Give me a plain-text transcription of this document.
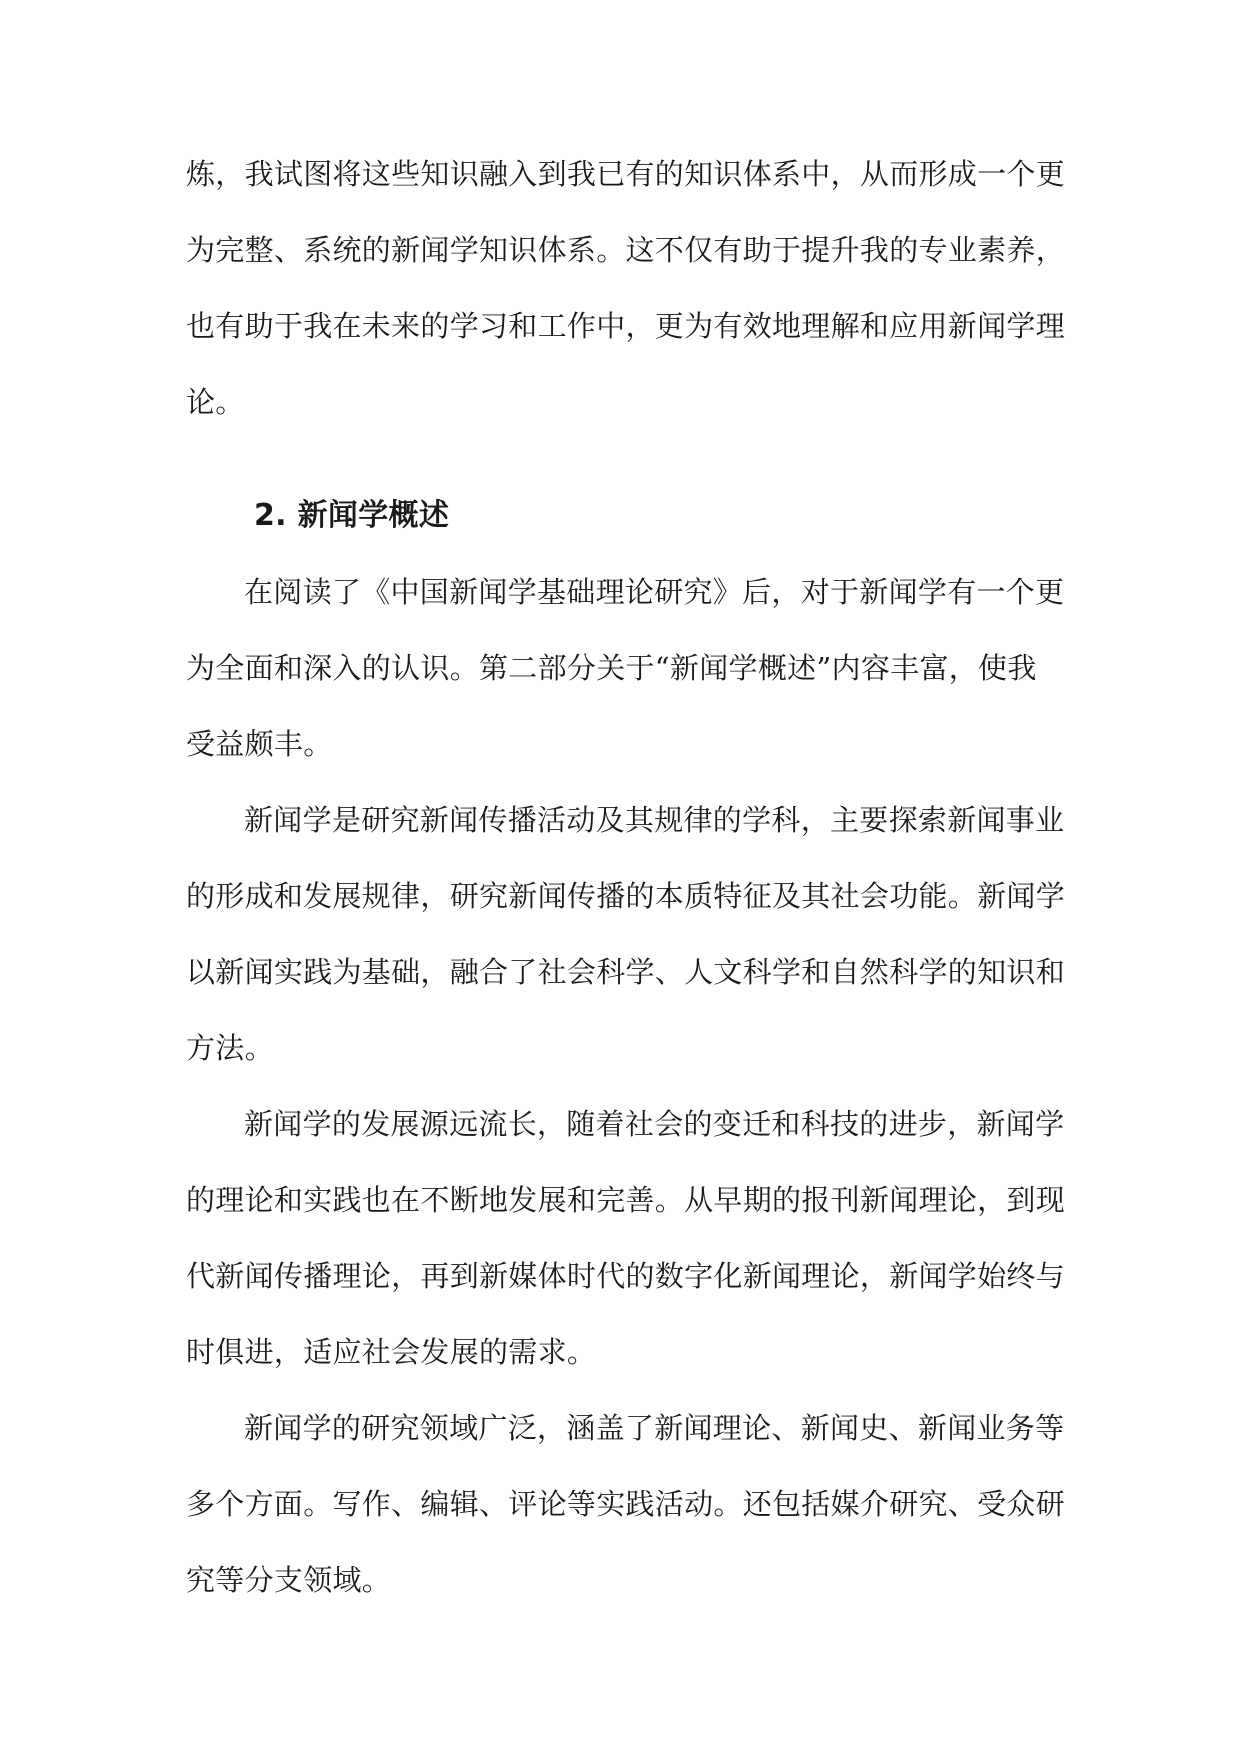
炼，我试图将这些知识融入到我已有的知识体系中，从而形成一个更
为完整、系统的新闻学知识体系。这不仅有助于提升我的专业素养，
也有助于我在未来的学习和工作中，更为有效地理解和应用新闻学理
论。
2. 新闻学概述
在阅读了《中国新闻学基础理论研究》后，对于新闻学有一个更
为全面和深入的认识。第二部分关于“新闻学概述”内容丰富，使我
受益颇丰。
新闻学是研究新闻传播活动及其规律的学科，主要探索新闻事业
的形成和发展规律，研究新闻传播的本质特征及其社会功能。新闻学
以新闻实践为基础，融合了社会科学、人文科学和自然科学的知识和
方法。
新闻学的发展源远流长，随着社会的变迁和科技的进步，新闻学
的理论和实践也在不断地发展和完善。从早期的报刊新闻理论，到现
代新闻传播理论，再到新媒体时代的数字化新闻理论，新闻学始终与
时俱进，适应社会发展的需求。
新闻学的研究领域广泛，涵盖了新闻理论、新闻史、新闻业务等
多个方面。写作、编辑、评论等实践活动。还包括媒介研究、受众研
究等分支领域。
